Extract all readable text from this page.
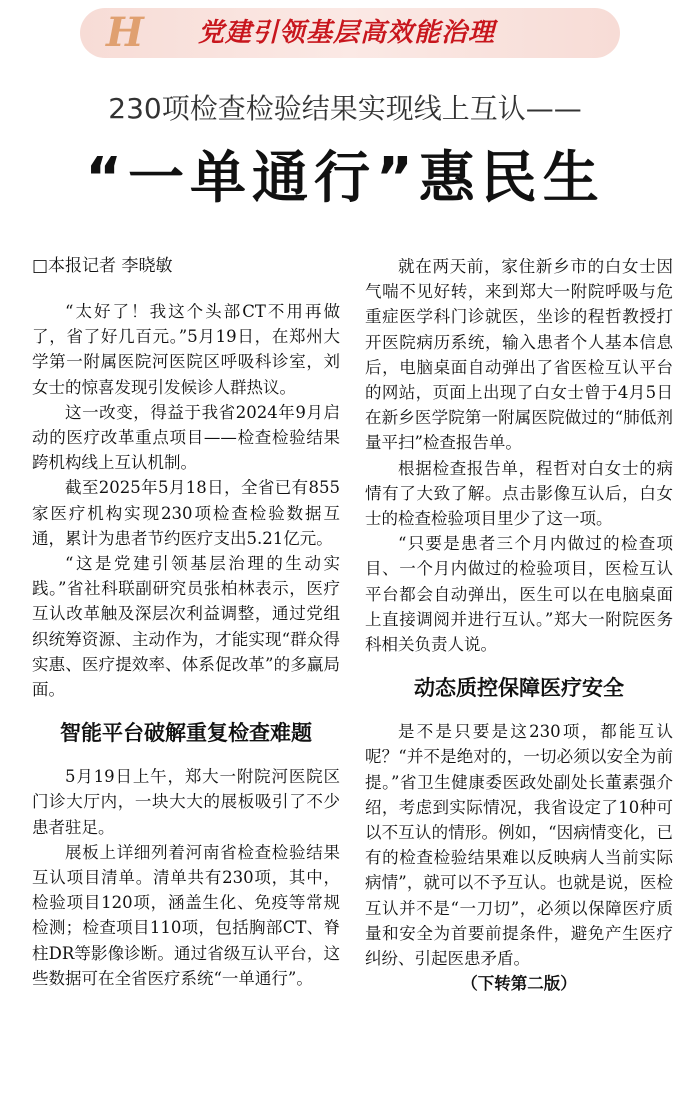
H 党建引领基层高效能治理
230项检查检验结果实现线上互认——
“一单通行”惠民生
□本报记者 李晓敏

“太好了！我这个头部CT不用再做了，省了好几百元。”5月19日，在郑州大学第一附属医院河医院区呼吸科诊室，刘女士的惊喜发现引发候诊人群热议。

这一改变，得益于我省2024年9月启动的医疗改革重点项目——检查检验结果跨机构线上互认机制。

截至2025年5月18日，全省已有855家医疗机构实现230项检查检验数据互通，累计为患者节约医疗支出5.21亿元。

“这是党建引领基层治理的生动实践。”省社科联副研究员张柏林表示，医疗互认改革触及深层次利益调整，通过党组织统筹资源、主动作为，才能实现“群众得实惠、医疗提效率、体系促改革”的多赢局面。

智能平台破解重复检查难题

5月19日上午，郑大一附院河医院区门诊大厅内，一块大大的展板吸引了不少患者驻足。

展板上详细列着河南省检查检验结果互认项目清单。清单共有230项，其中，检验项目120项，涵盖生化、免疫等常规检测；检查项目110项，包括胸部CT、脊柱DR等影像诊断。通过省级互认平台，这些数据可在全省医疗系统“一单通行”。

就在两天前，家住新乡市的白女士因气喘不见好转，来到郑大一附院呼吸与危重症医学科门诊就医，坐诊的程哲教授打开医院病历系统，输入患者个人基本信息后，电脑桌面自动弹出了省医检互认平台的网站，页面上出现了白女士曾于4月5日在新乡医学院第一附属医院做过的“肺低剂量平扫”检查报告单。

根据检查报告单，程哲对白女士的病情有了大致了解。点击影像互认后，白女士的检查检验项目里少了这一项。

“只要是患者三个月内做过的检查项目、一个月内做过的检验项目，医检互认平台都会自动弹出，医生可以在电脑桌面上直接调阅并进行互认。”郑大一附院医务科相关负责人说。

动态质控保障医疗安全

是不是只要是这230项，都能互认呢？“并不是绝对的，一切必须以安全为前提。”省卫生健康委医政处副处长董素强介绍，考虑到实际情况，我省设定了10种可以不互认的情形。例如，“因病情变化，已有的检查检验结果难以反映病人当前实际病情”，就可以不予互认。也就是说，医检互认并不是“一刀切”，必须以保障医疗质量和安全为首要前提条件，避免产生医疗纠纷、引起医患矛盾。

（下转第二版）
